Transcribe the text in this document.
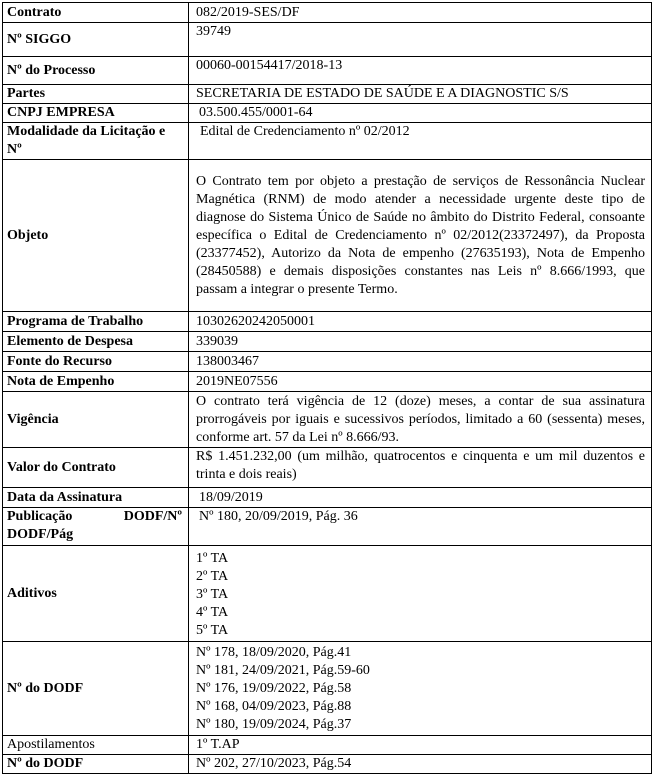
Contrato	082/2019-SES/DF
Nº SIGGO	39749
Nº do Processo	00060-00154417/2018-13
Partes	SECRETARIA DE ESTADO DE SAÚDE E A DIAGNOSTIC S/S
CNPJ EMPRESA	03.500.455/0001-64
Modalidade da Licitação e Nº	Edital de Credenciamento nº 02/2012
Objeto	O Contrato tem por objeto a prestação de serviços de Ressonância Nuclear Magnética (RNM) de modo atender a necessidade urgente deste tipo de diagnose do Sistema Único de Saúde no âmbito do Distrito Federal, consoante específica o Edital de Credenciamento nº 02/2012(23372497), da Proposta (23377452), Autorizo da Nota de empenho (27635193), Nota de Empenho (28450588) e demais disposições constantes nas Leis nº 8.666/1993, que passam a integrar o presente Termo.
Programa de Trabalho	10302620242050001
Elemento de Despesa	339039
Fonte do Recurso	138003467
Nota de Empenho	2019NE07556
Vigência	O contrato terá vigência de 12 (doze) meses, a contar de sua assinatura prorrogáveis por iguais e sucessivos períodos, limitado a 60 (sessenta) meses, conforme art. 57 da Lei nº 8.666/93.
Valor do Contrato	R$ 1.451.232,00 (um milhão, quatrocentos e cinquenta e um mil duzentos e trinta e dois reais)
Data da Assinatura	18/09/2019

Publicação DODF/Nº
DODF/Pág	Nº 180, 20/09/2019, Pág. 36
Aditivos	1º TA
2º TA
3º TA
4º TA
5º TA

Nº do DODF	Nº 178, 18/09/2020, Pág.41
Nº 181, 24/09/2021, Pág.59-60
Nº 176, 19/09/2022, Pág.58
Nº 168, 04/09/2023, Pág.88
Nº 180, 19/09/2024, Pág.37

Apostilamentos	1º T.AP
Nº do DODF	Nº 202, 27/10/2023, Pág.54
